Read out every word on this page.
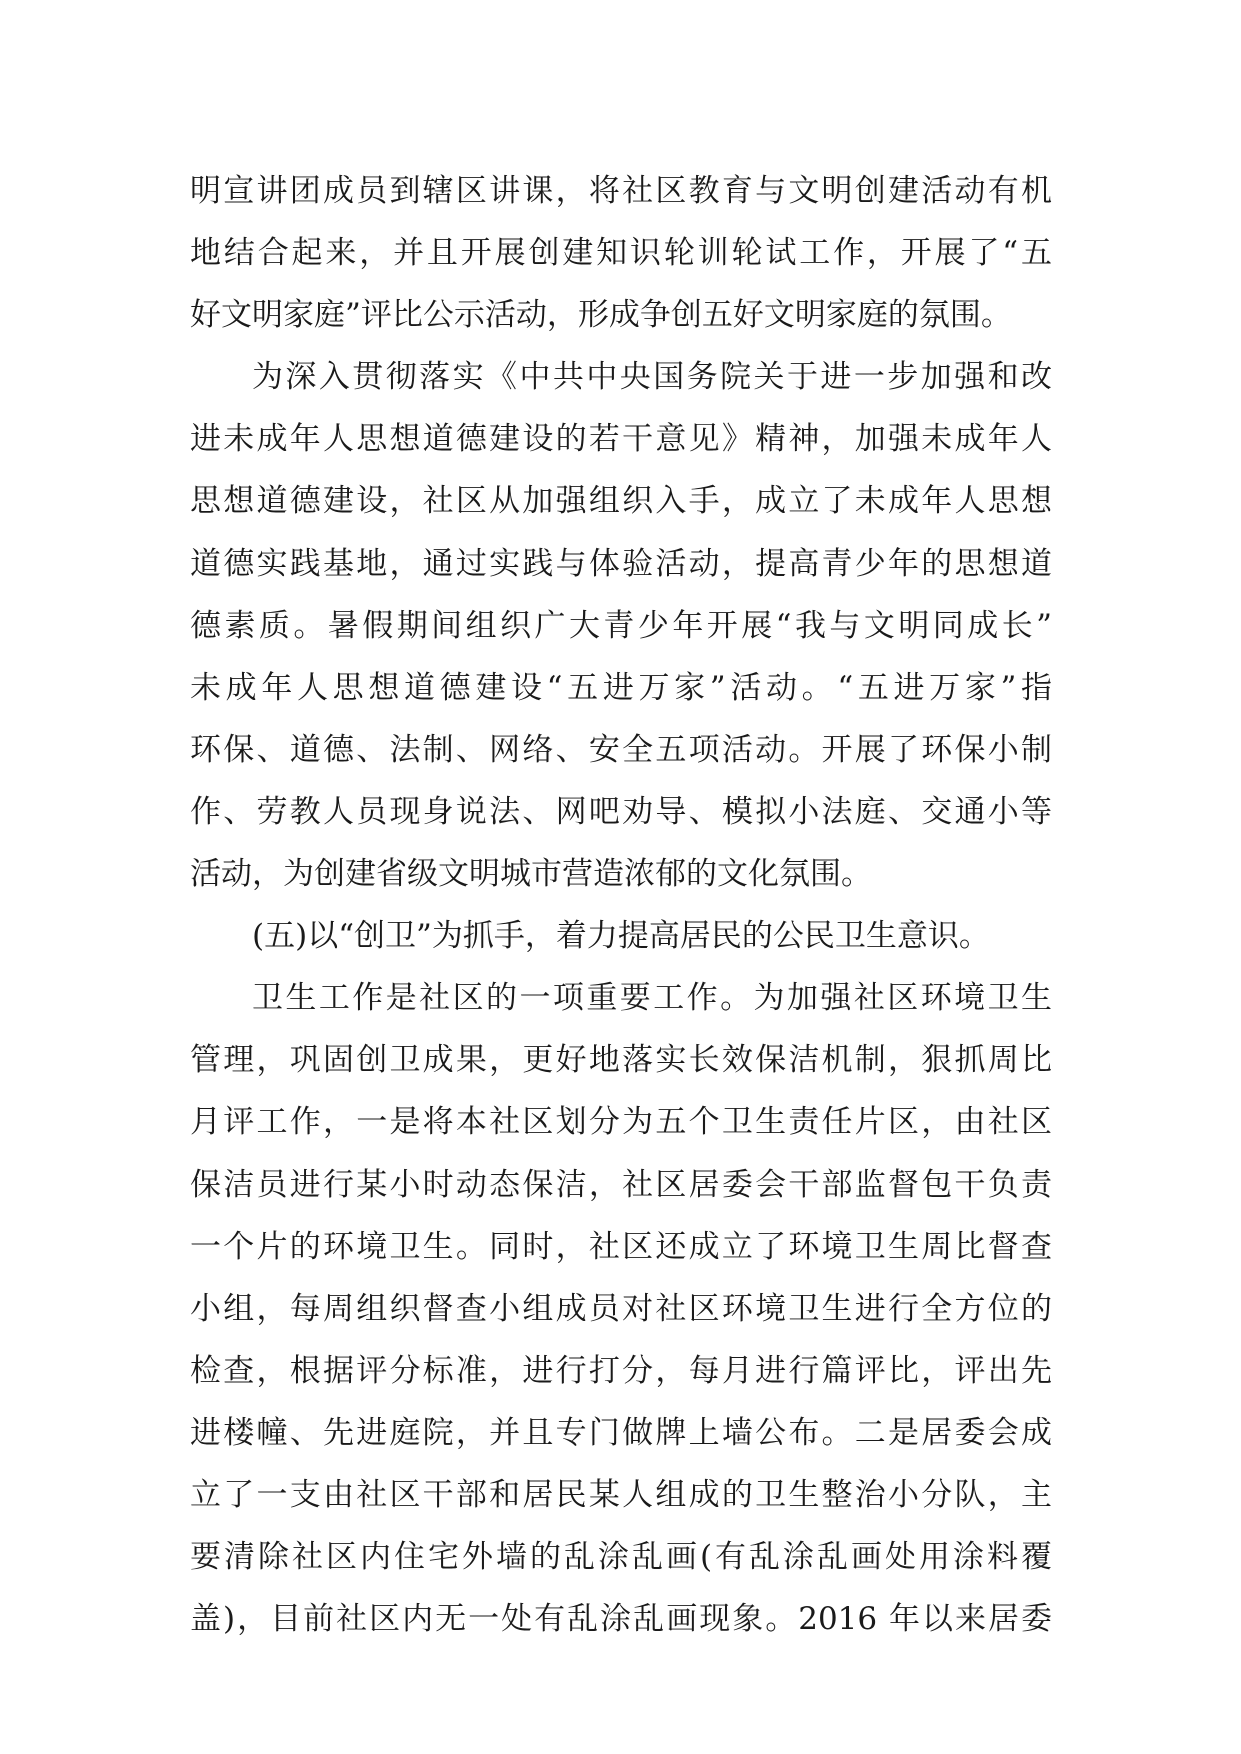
明宣讲团成员到辖区讲课，将社区教育与文明创建活动有机
地结合起来，并且开展创建知识轮训轮试工作，开展了“五
好文明家庭”评比公示活动，形成争创五好文明家庭的氛围。
为深入贯彻落实《中共中央国务院关于进一步加强和改
进未成年人思想道德建设的若干意见》精神，加强未成年人
思想道德建设，社区从加强组织入手，成立了未成年人思想
道德实践基地，通过实践与体验活动，提高青少年的思想道
德素质。暑假期间组织广大青少年开展“我与文明同成长”
未成年人思想道德建设“五进万家”活动。“五进万家”指
环保、道德、法制、网络、安全五项活动。开展了环保小制
作、劳教人员现身说法、网吧劝导、模拟小法庭、交通小等
活动，为创建省级文明城市营造浓郁的文化氛围。
(五)以“创卫”为抓手，着力提高居民的公民卫生意识。
卫生工作是社区的一项重要工作。为加强社区环境卫生
管理，巩固创卫成果，更好地落实长效保洁机制，狠抓周比
月评工作，一是将本社区划分为五个卫生责任片区，由社区
保洁员进行某小时动态保洁，社区居委会干部监督包干负责
一个片的环境卫生。同时，社区还成立了环境卫生周比督查
小组，每周组织督查小组成员对社区环境卫生进行全方位的
检查，根据评分标准，进行打分，每月进行篇评比，评出先
进楼幢、先进庭院，并且专门做牌上墙公布。二是居委会成
立了一支由社区干部和居民某人组成的卫生整治小分队，主
要清除社区内住宅外墙的乱涂乱画(有乱涂乱画处用涂料覆
盖)，目前社区内无一处有乱涂乱画现象。2016 年以来居委
